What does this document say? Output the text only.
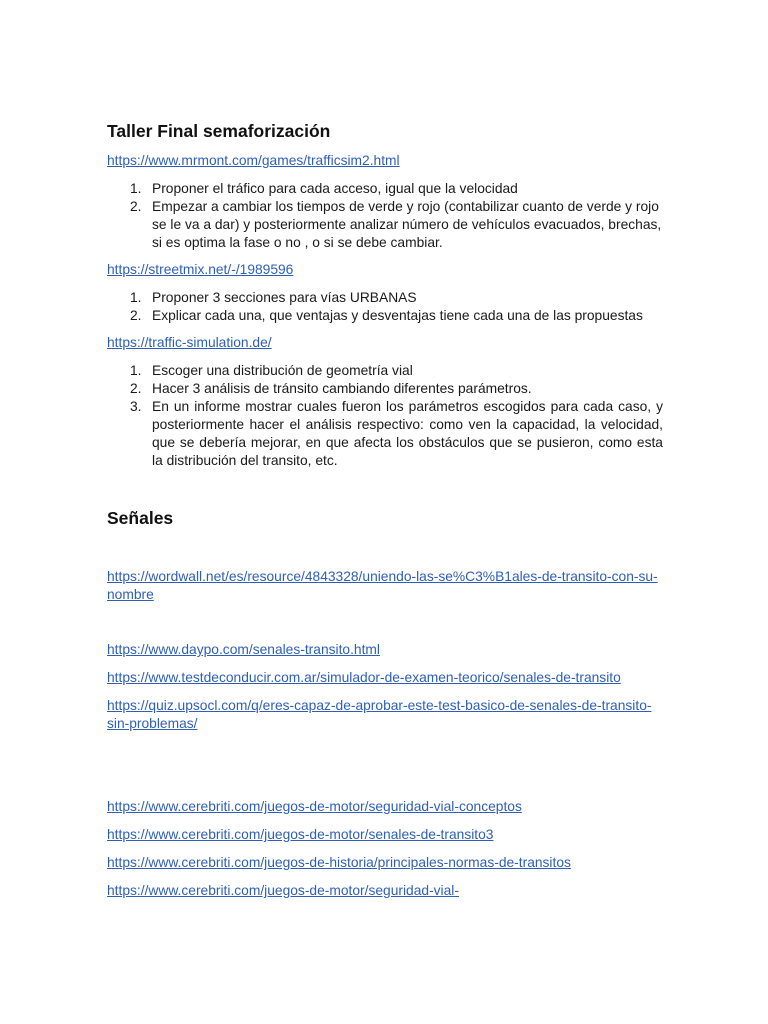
Taller Final semaforización
https://www.mrmont.com/games/trafficsim2.html
1. Proponer el tráfico para cada acceso, igual que la velocidad
2. Empezar a cambiar los tiempos de verde y rojo (contabilizar cuanto de verde y rojo se le va a dar) y posteriormente analizar número de vehículos evacuados, brechas, si es optima la fase o no , o si se debe cambiar.
https://streetmix.net/-/1989596
1. Proponer 3 secciones para vías URBANAS
2. Explicar cada una, que ventajas y desventajas tiene cada una de las propuestas
https://traffic-simulation.de/
1. Escoger una distribución de geometría vial
2. Hacer 3 análisis de tránsito cambiando diferentes parámetros.
3. En un informe mostrar cuales fueron los parámetros escogidos para cada caso, y posteriormente hacer el análisis respectivo: como ven la capacidad, la velocidad, que se debería mejorar, en que afecta los obstáculos que se pusieron, como esta la distribución del transito, etc.
Señales
https://wordwall.net/es/resource/4843328/uniendo-las-se%C3%B1ales-de-transito-con-su-nombre
https://www.daypo.com/senales-transito.html
https://www.testdeconducir.com.ar/simulador-de-examen-teorico/senales-de-transito
https://quiz.upsocl.com/q/eres-capaz-de-aprobar-este-test-basico-de-senales-de-transito-sin-problemas/
https://www.cerebriti.com/juegos-de-motor/seguridad-vial-conceptos
https://www.cerebriti.com/juegos-de-motor/senales-de-transito3
https://www.cerebriti.com/juegos-de-historia/principales-normas-de-transitos
https://www.cerebriti.com/juegos-de-motor/seguridad-vial-
